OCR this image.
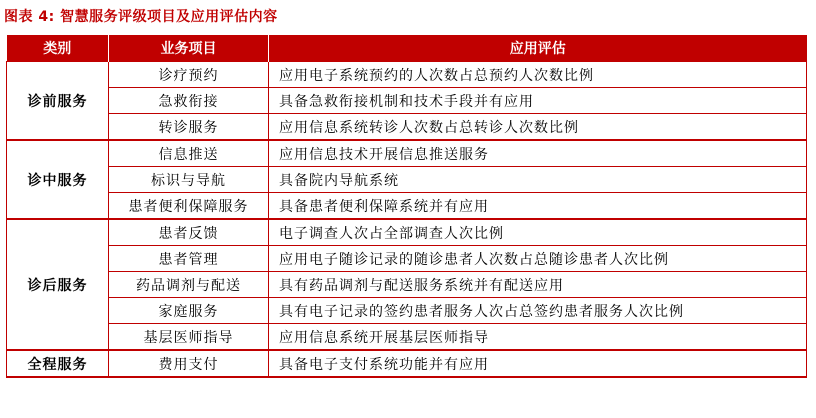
图表 4: 智慧服务评级项目及应用评估内容
类别	业务项目	应用评估
诊前服务	诊疗预约	应用电子系统预约的人次数占总预约人次数比例
	急救衔接	具备急救衔接机制和技术手段并有应用
	转诊服务	应用信息系统转诊人次数占总转诊人次数比例
诊中服务	信息推送	应用信息技术开展信息推送服务
	标识与导航	具备院内导航系统
	患者便利保障服务	具备患者便利保障系统并有应用
诊后服务	患者反馈	电子调查人次占全部调查人次比例
	患者管理	应用电子随诊记录的随诊患者人次数占总随诊患者人次比例
	药品调剂与配送	具有药品调剂与配送服务系统并有配送应用
	家庭服务	具有电子记录的签约患者服务人次占总签约患者服务人次比例
	基层医师指导	应用信息系统开展基层医师指导
全程服务	费用支付	具备电子支付系统功能并有应用
